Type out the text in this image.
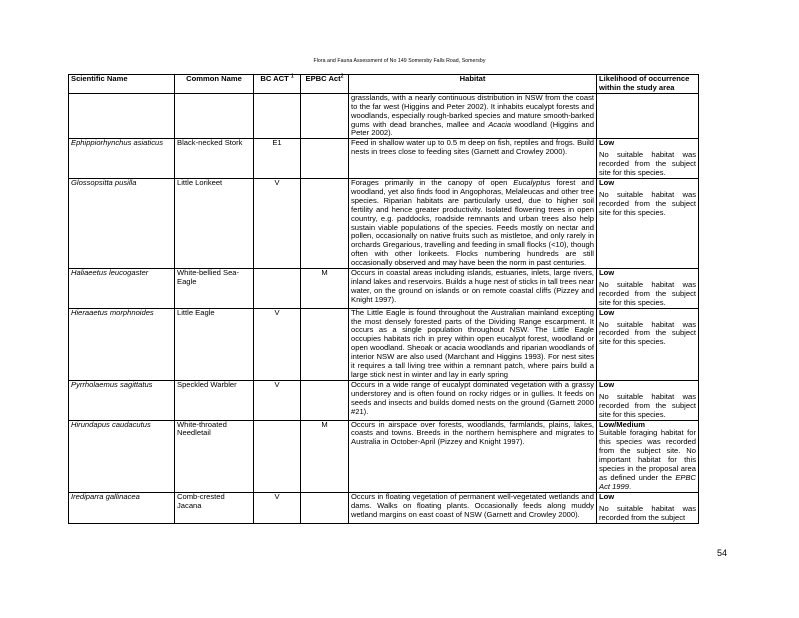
Flora and Fauna Assessment of No 149 Somersby Falls Road, Somersby
Scientific Name	Common Name	BC ACT $^1$	EPBC Act$^2$	Habitat	Likelihood of occurrence within the study area
				grasslands, with a nearly continuous distribution in NSW from the coast to the far west (Higgins and Peter 2002). It inhabits eucalypt forests and woodlands, especially rough-barked species and mature smooth-barked gums with dead branches, mallee and Acacia woodland (Higgins and Peter 2002).	

Ephippiorhynchus asiaticus	Black-necked Stork	E1		Feed in shallow water up to 0.5 m deep on fish, reptiles and frogs. Build nests in trees close to feeding sites (Garnett and Crowley 2000).	Low
No suitable habitat was recorded from the subject site for this species.
Glossopsitta pusilla	Little Lorikeet	V		Forages primarily in the canopy of open Eucalyptus forest and woodland, yet also finds food in Angophoras, Melaleucas and other tree species. Riparian habitats are particularly used, due to higher soil fertility and hence greater productivity. Isolated flowering trees in open country, e.g. paddocks, roadside remnants and urban trees also help sustain viable populations of the species. Feeds mostly on nectar and pollen, occasionally on native fruits such as mistletoe, and only rarely in orchards Gregarious, travelling and feeding in small flocks (<10), though often with other lorikeets. Flocks numbering hundreds are still occasionally observed and may have been the norm in past centuries.	Low
No suitable habitat was recorded from the subject site for this species.
Haliaeetus leucogaster	White-bellied Sea-Eagle		M	Occurs in coastal areas including islands, estuaries, inlets, large rivers, inland lakes and reservoirs. Builds a huge nest of sticks in tall trees near water, on the ground on islands or on remote coastal cliffs (Pizzey and Knight 1997).	Low
No suitable habitat was recorded from the subject site for this species.
Hieraaetus morphnoides	Little Eagle	V		The Little Eagle is found throughout the Australian mainland excepting the most densely forested parts of the Dividing Range escarpment. It occurs as a single population throughout NSW. The Little Eagle occupies habitats rich in prey within open eucalypt forest, woodland or open woodland. Sheoak or acacia woodlands and riparian woodlands of interior NSW are also used (Marchant and Higgins 1993). For nest sites it requires a tall living tree within a remnant patch, where pairs build a large stick nest in winter and lay in early spring	Low
No suitable habitat was recorded from the subject site for this species.
Pyrrholaemus sagittatus	Speckled Warbler	V		Occurs in a wide range of eucalypt dominated vegetation with a grassy understorey and is often found on rocky ridges or in gullies. It feeds on seeds and insects and builds domed nests on the ground (Garnett 2000 #21).	Low
No suitable habitat was recorded from the subject site for this species.
Hirundapus caudacutus	White-throated Needletail		M	Occurs in airspace over forests, woodlands, farmlands, plains, lakes, coasts and towns. Breeds in the northern hemisphere and migrates to Australia in October-April (Pizzey and Knight 1997).	Low/Medium
Suitable foraging habitat for this species was recorded from the subject site. No important habitat for this species in the proposal area as defined under the EPBC Act 1999.
Irediparra gallinacea	Comb-crested Jacana	V		Occurs in floating vegetation of permanent well-vegetated wetlands and dams. Walks on floating plants. Occasionally feeds along muddy wetland margins on east coast of NSW (Garnett and Crowley 2000).	Low
No suitable habitat was recorded from the subject
54
